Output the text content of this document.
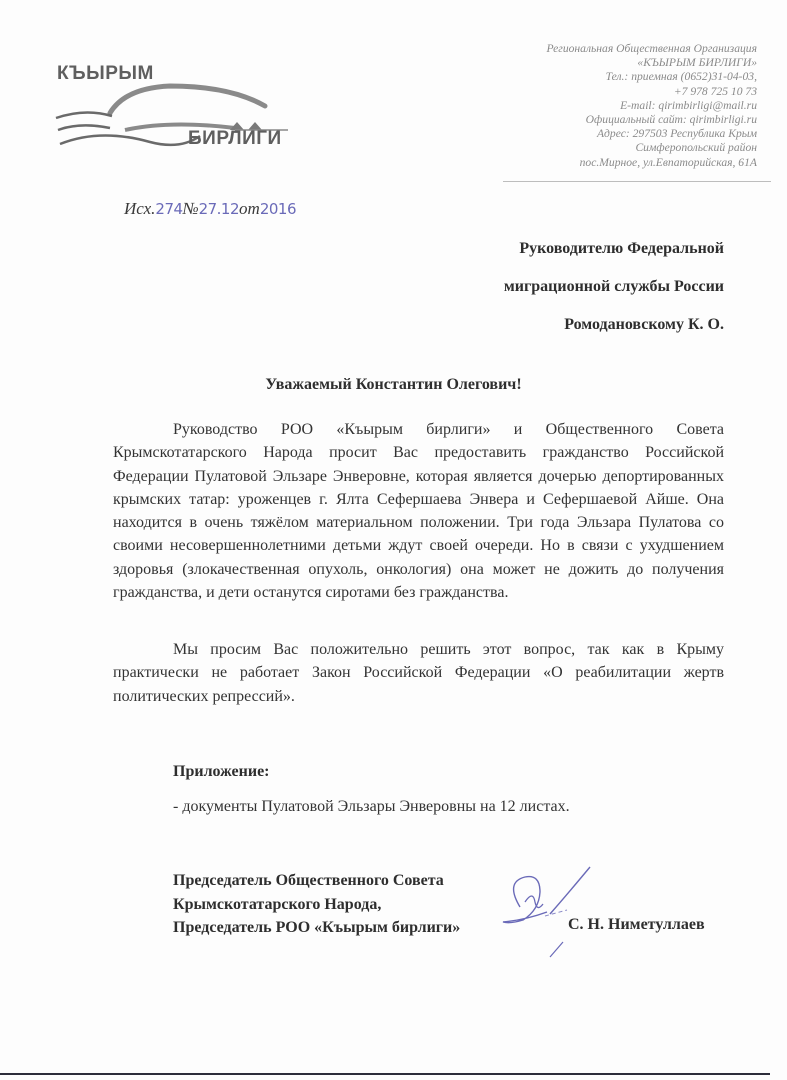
КЪЫРЫМ
БИРЛИГИ
Региональная Общественная Организация
«КЪЫРЫМ БИРЛИГИ»
Тел.: приемная (0652)31-04-03,
+7 978 725 10 73
E-mail: qirimbirligi@mail.ru
Официальный сайт: qirimbirligi.ru
Адрес: 297503 Республика Крым
Симферопольский район
пос.Мирное, ул.Евпаторийская, 61А
Исх.274№27.12от2016
Руководителю Федеральной
миграционной службы России
Ромодановскому К. О.
Уважаемый Константин Олегович!

Руководство РОО «Къырым бирлиги» и Общественного Совета Крымскотатарского Народа просит Вас предоставить гражданство Российской Федерации Пулатовой Эльзаре Энверовне, которая является дочерью депортированных крымских татар: уроженцев г. Ялта Сефершаева Энвера и Сефершаевой Айше. Она находится в очень тяжёлом материальном положении. Три года Эльзара Пулатова со своими несовершеннолетними детьми ждут своей очереди. Но в связи с ухудшением здоровья (злокачественная опухоль, онкология) она может не дожить до получения гражданства, и дети останутся сиротами без гражданства.

Мы просим Вас положительно решить этот вопрос, так как в Крыму практически не работает Закон Российской Федерации «О реабилитации жертв политических репрессий».

Приложение:
- документы Пулатовой Эльзары Энверовны на 12 листах.
Председатель Общественного Совета
Крымскотатарского Народа,
Председатель РОО «Къырым бирлиги»	С. Н. Ниметуллаев
